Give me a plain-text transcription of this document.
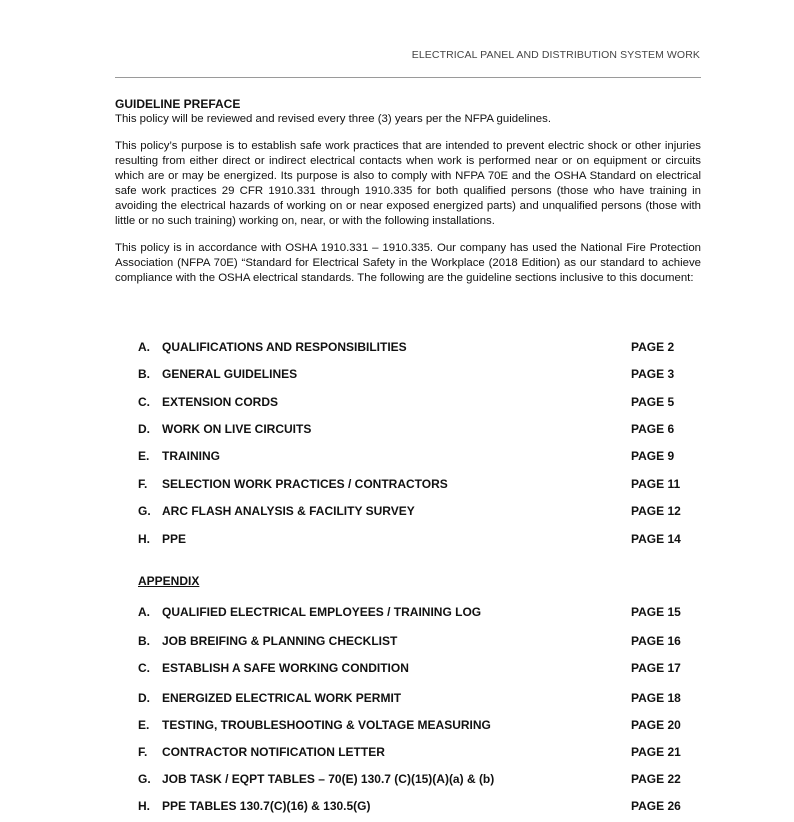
ELECTRICAL PANEL AND DISTRIBUTION SYSTEM WORK
GUIDELINE PREFACE

This policy will be reviewed and revised every three (3) years per the NFPA guidelines.

This policy’s purpose is to establish safe work practices that are intended to prevent electric shock or other injuries resulting from either direct or indirect electrical contacts when work is performed near or on equipment or circuits which are or may be energized. Its purpose is also to comply with NFPA 70E and the OSHA Standard on electrical safe work practices 29 CFR 1910.331 through 1910.335 for both qualified persons (those who have training in avoiding the electrical hazards of working on or near exposed energized parts) and unqualified persons (those with little or no such training) working on, near, or with the following installations.

This policy is in accordance with OSHA 1910.331 – 1910.335. Our company has used the National Fire Protection Association (NFPA 70E) “Standard for Electrical Safety in the Workplace (2018 Edition) as our standard to achieve compliance with the OSHA electrical standards. The following are the guideline sections inclusive to this document:

A. QUALIFICATIONS AND RESPONSIBILITIES	PAGE 2
B. GENERAL GUIDELINES	PAGE 3
C. EXTENSION CORDS	PAGE 5
D. WORK ON LIVE CIRCUITS	PAGE 6
E. TRAINING	PAGE 9
F. SELECTION WORK PRACTICES / CONTRACTORS	PAGE 11
G. ARC FLASH ANALYSIS & FACILITY SURVEY	PAGE 12
H. PPE	PAGE 14
APPENDIX
A. QUALIFIED ELECTRICAL EMPLOYEES / TRAINING LOG	PAGE 15
B. JOB BREIFING & PLANNING CHECKLIST	PAGE 16
C. ESTABLISH A SAFE WORKING CONDITION	PAGE 17
D. ENERGIZED ELECTRICAL WORK PERMIT	PAGE 18
E. TESTING, TROUBLESHOOTING & VOLTAGE MEASURING	PAGE 20
F. CONTRACTOR NOTIFICATION LETTER	PAGE 21
G. JOB TASK / EQPT TABLES – 70(E) 130.7 (C)(15)(A)(a) & (b)	PAGE 22
H. PPE TABLES 130.7(C)(16) & 130.5(G)	PAGE 26
